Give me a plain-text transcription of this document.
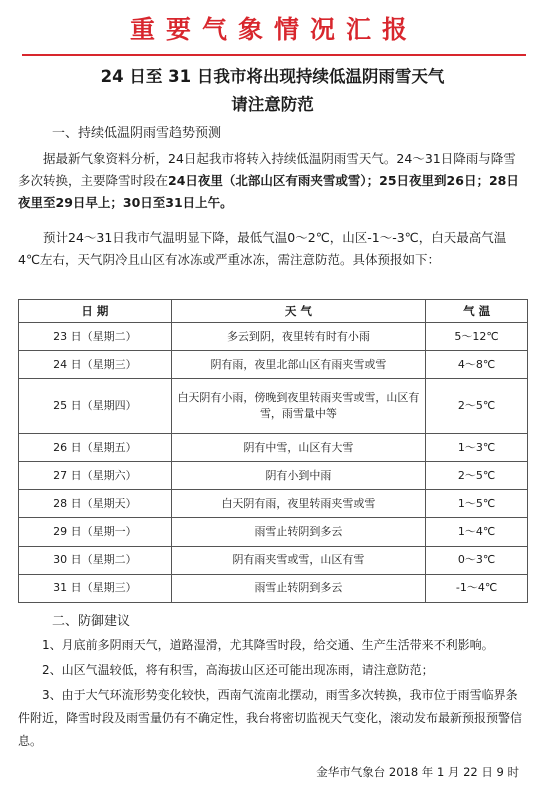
重要气象情况汇报
24 日至 31 日我市将出现持续低温阴雨雪天气
请注意防范
一、持续低温阴雨雪趋势预测
据最新气象资料分析，24日起我市将转入持续低温阴雨雪天气。24～31日降雨与降雪多次转换，主要降雪时段在24日夜里（北部山区有雨夹雪或雪）；25日夜里到26日；28日夜里至29日早上；30日至31日上午。
预计24～31日我市气温明显下降，最低气温0～2℃，山区-1～-3℃，白天最高气温4℃左右，天气阴冷且山区有冰冻或严重冰冻，需注意防范。具体预报如下：
日 期	天 气	气 温
23 日（星期二）	多云到阴，夜里转有时有小雨	5～12℃
24 日（星期三）	阴有雨，夜里北部山区有雨夹雪或雪	4～8℃
25 日（星期四）	白天阴有小雨，傍晚到夜里转雨夹雪或雪，山区有雪，雨雪量中等	2～5℃
26 日（星期五）	阴有中雪，山区有大雪	1～3℃
27 日（星期六）	阴有小到中雨	2～5℃
28 日（星期天）	白天阴有雨，夜里转雨夹雪或雪	1～5℃
29 日（星期一）	雨雪止转阴到多云	1～4℃
30 日（星期二）	阴有雨夹雪或雪，山区有雪	0～3℃
31 日（星期三）	雨雪止转阴到多云	-1～4℃
二、防御建议
1、月底前多阴雨天气，道路湿滑，尤其降雪时段，给交通、生产生活带来不利影响。
2、山区气温较低，将有积雪，高海拔山区还可能出现冻雨，请注意防范；
3、由于大气环流形势变化较快，西南气流南北摆动，雨雪多次转换，我市位于雨雪临界条件附近，降雪时段及雨雪量仍有不确定性，我台将密切监视天气变化，滚动发布最新预报预警信息。
金华市气象台 2018 年 1 月 22 日 9 时
